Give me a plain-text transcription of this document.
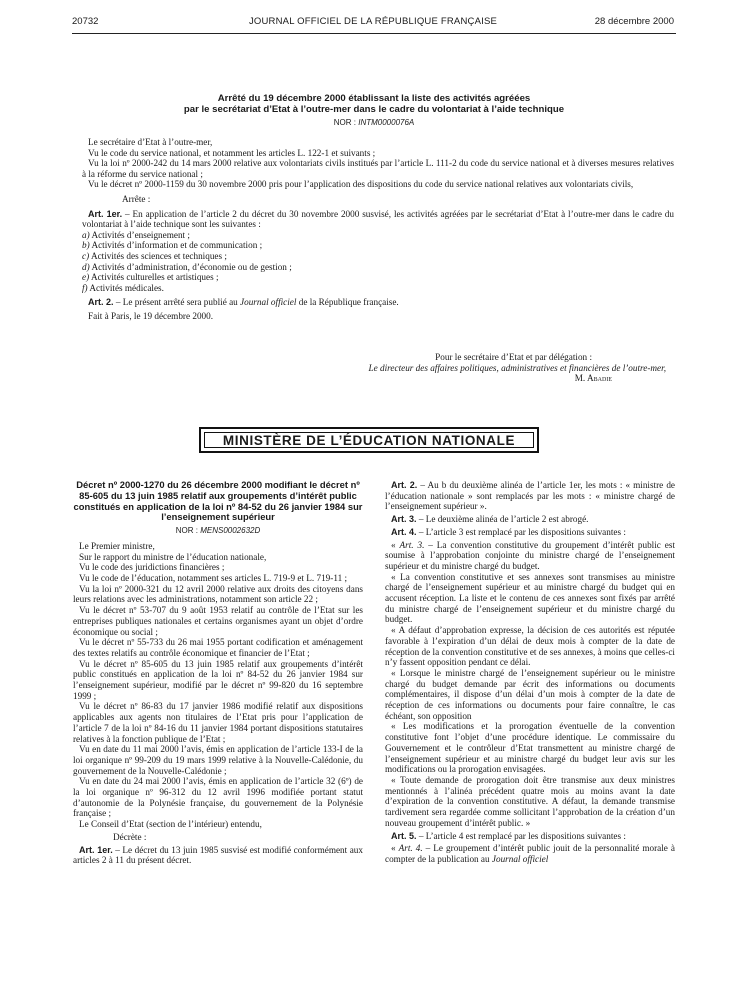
20732	JOURNAL OFFICIEL DE LA RÉPUBLIQUE FRANÇAISE	28 décembre 2000

Arrêté du 19 décembre 2000 établissant la liste des activités agréées

par le secrétariat d’Etat à l’outre-mer dans le cadre du volontariat à l’aide technique

NOR : INTM0000076A

Le secrétaire d’Etat à l’outre-mer,

Vu le code du service national, et notamment les articles L. 122-1 et suivants ;

Vu la loi nº 2000-242 du 14 mars 2000 relative aux volontariats civils institués par l’article L. 111-2 du code du service national et à diverses mesures relatives à la réforme du service national ;

Vu le décret nº 2000-1159 du 30 novembre 2000 pris pour l’application des dispositions du code du service national relatives aux volontariats civils,

Arrête :

Art. 1er. – En application de l’article 2 du décret du 30 novembre 2000 susvisé, les activités agréées par le secrétariat d’Etat à l’outre-mer dans le cadre du volontariat à l’aide technique sont les suivantes :

a) Activités d’enseignement ;

b) Activités d’information et de communication ;

c) Activités des sciences et techniques ;

d) Activités d’administration, d’économie ou de gestion ;

e) Activités culturelles et artistiques ;

f) Activités médicales.

Art. 2. – Le présent arrêté sera publié au Journal officiel de la République française.

Fait à Paris, le 19 décembre 2000.

Pour le secrétaire d’Etat et par délégation :

Le directeur des affaires politiques, administratives et financières de l’outre-mer,

M. Abadie

MINISTÈRE DE L’ÉDUCATION NATIONALE

Décret nº 2000-1270 du 26 décembre 2000 modifiant le décret nº 85-605 du 13 juin 1985 relatif aux groupements d’intérêt public constitués en application de la loi nº 84-52 du 26 janvier 1984 sur l’enseignement supérieur

NOR : MENS0002632D

Le Premier ministre,

Sur le rapport du ministre de l’éducation nationale,

Vu le code des juridictions financières ;

Vu le code de l’éducation, notamment ses articles L. 719-9 et L. 719-11 ;

Vu la loi nº 2000-321 du 12 avril 2000 relative aux droits des citoyens dans leurs relations avec les administrations, notamment son article 22 ;

Vu le décret nº 53-707 du 9 août 1953 relatif au contrôle de l’Etat sur les entreprises publiques nationales et certains organismes ayant un objet d’ordre économique ou social ;

Vu le décret nº 55-733 du 26 mai 1955 portant codification et aménagement des textes relatifs au contrôle économique et financier de l’Etat ;

Vu le décret nº 85-605 du 13 juin 1985 relatif aux groupements d’intérêt public constitués en application de la loi nº 84-52 du 26 janvier 1984 sur l’enseignement supérieur, modifié par le décret nº 99-820 du 16 septembre 1999 ;

Vu le décret nº 86-83 du 17 janvier 1986 modifié relatif aux dispositions applicables aux agents non titulaires de l’Etat pris pour l’application de l’article 7 de la loi nº 84-16 du 11 janvier 1984 portant dispositions statutaires relatives à la fonction publique de l’Etat ;

Vu en date du 11 mai 2000 l’avis, émis en application de l’article 133-I de la loi organique nº 99-209 du 19 mars 1999 relative à la Nouvelle-Calédonie, du gouvernement de la Nouvelle-Calédonie ;

Vu en date du 24 mai 2000 l’avis, émis en application de l’article 32 (6º) de la loi organique nº 96-312 du 12 avril 1996 modifiée portant statut d’autonomie de la Polynésie française, du gouvernement de la Polynésie française ;

Le Conseil d’Etat (section de l’intérieur) entendu,

Décrète :

Art. 1er. – Le décret du 13 juin 1985 susvisé est modifié conformément aux articles 2 à 11 du présent décret.

Art. 2. – Au b du deuxième alinéa de l’article 1er, les mots : « ministre de l’éducation nationale » sont remplacés par les mots : « ministre chargé de l’enseignement supérieur ».

Art. 3. – Le deuxième alinéa de l’article 2 est abrogé.

Art. 4. – L’article 3 est remplacé par les dispositions suivantes :

« Art. 3. – La convention constitutive du groupement d’intérêt public est soumise à l’approbation conjointe du ministre chargé de l’enseignement supérieur et du ministre chargé du budget.

« La convention constitutive et ses annexes sont transmises au ministre chargé de l’enseignement supérieur et au ministre chargé du budget qui en accusent réception. La liste et le contenu de ces annexes sont fixés par arrêté du ministre chargé de l’enseignement supérieur et du ministre chargé du budget.

« A défaut d’approbation expresse, la décision de ces autorités est réputée favorable à l’expiration d’un délai de deux mois à compter de la date de réception de la convention constitutive et de ses annexes, à moins que celles-ci n’y fassent opposition pendant ce délai.

« Lorsque le ministre chargé de l’enseignement supérieur ou le ministre chargé du budget demande par écrit des informations ou documents complémentaires, il dispose d’un délai d’un mois à compter de la date de réception de ces informations ou documents pour faire connaître, le cas échéant, son opposition

« Les modifications et la prorogation éventuelle de la convention constitutive font l’objet d’une procédure identique. Le commissaire du Gouvernement et le contrôleur d’Etat transmettent au ministre chargé de l’enseignement supérieur et au ministre chargé du budget leur avis sur les modifications ou la prorogation envisagées.

« Toute demande de prorogation doit être transmise aux deux ministres mentionnés à l’alinéa précédent quatre mois au moins avant la date d’expiration de la convention constitutive. A défaut, la demande transmise tardivement sera regardée comme sollicitant l’approbation de la création d’un nouveau groupement d’intérêt public. »

Art. 5. – L’article 4 est remplacé par les dispositions suivantes :

« Art. 4. – Le groupement d’intérêt public jouit de la personnalité morale à compter de la publication au Journal officiel
